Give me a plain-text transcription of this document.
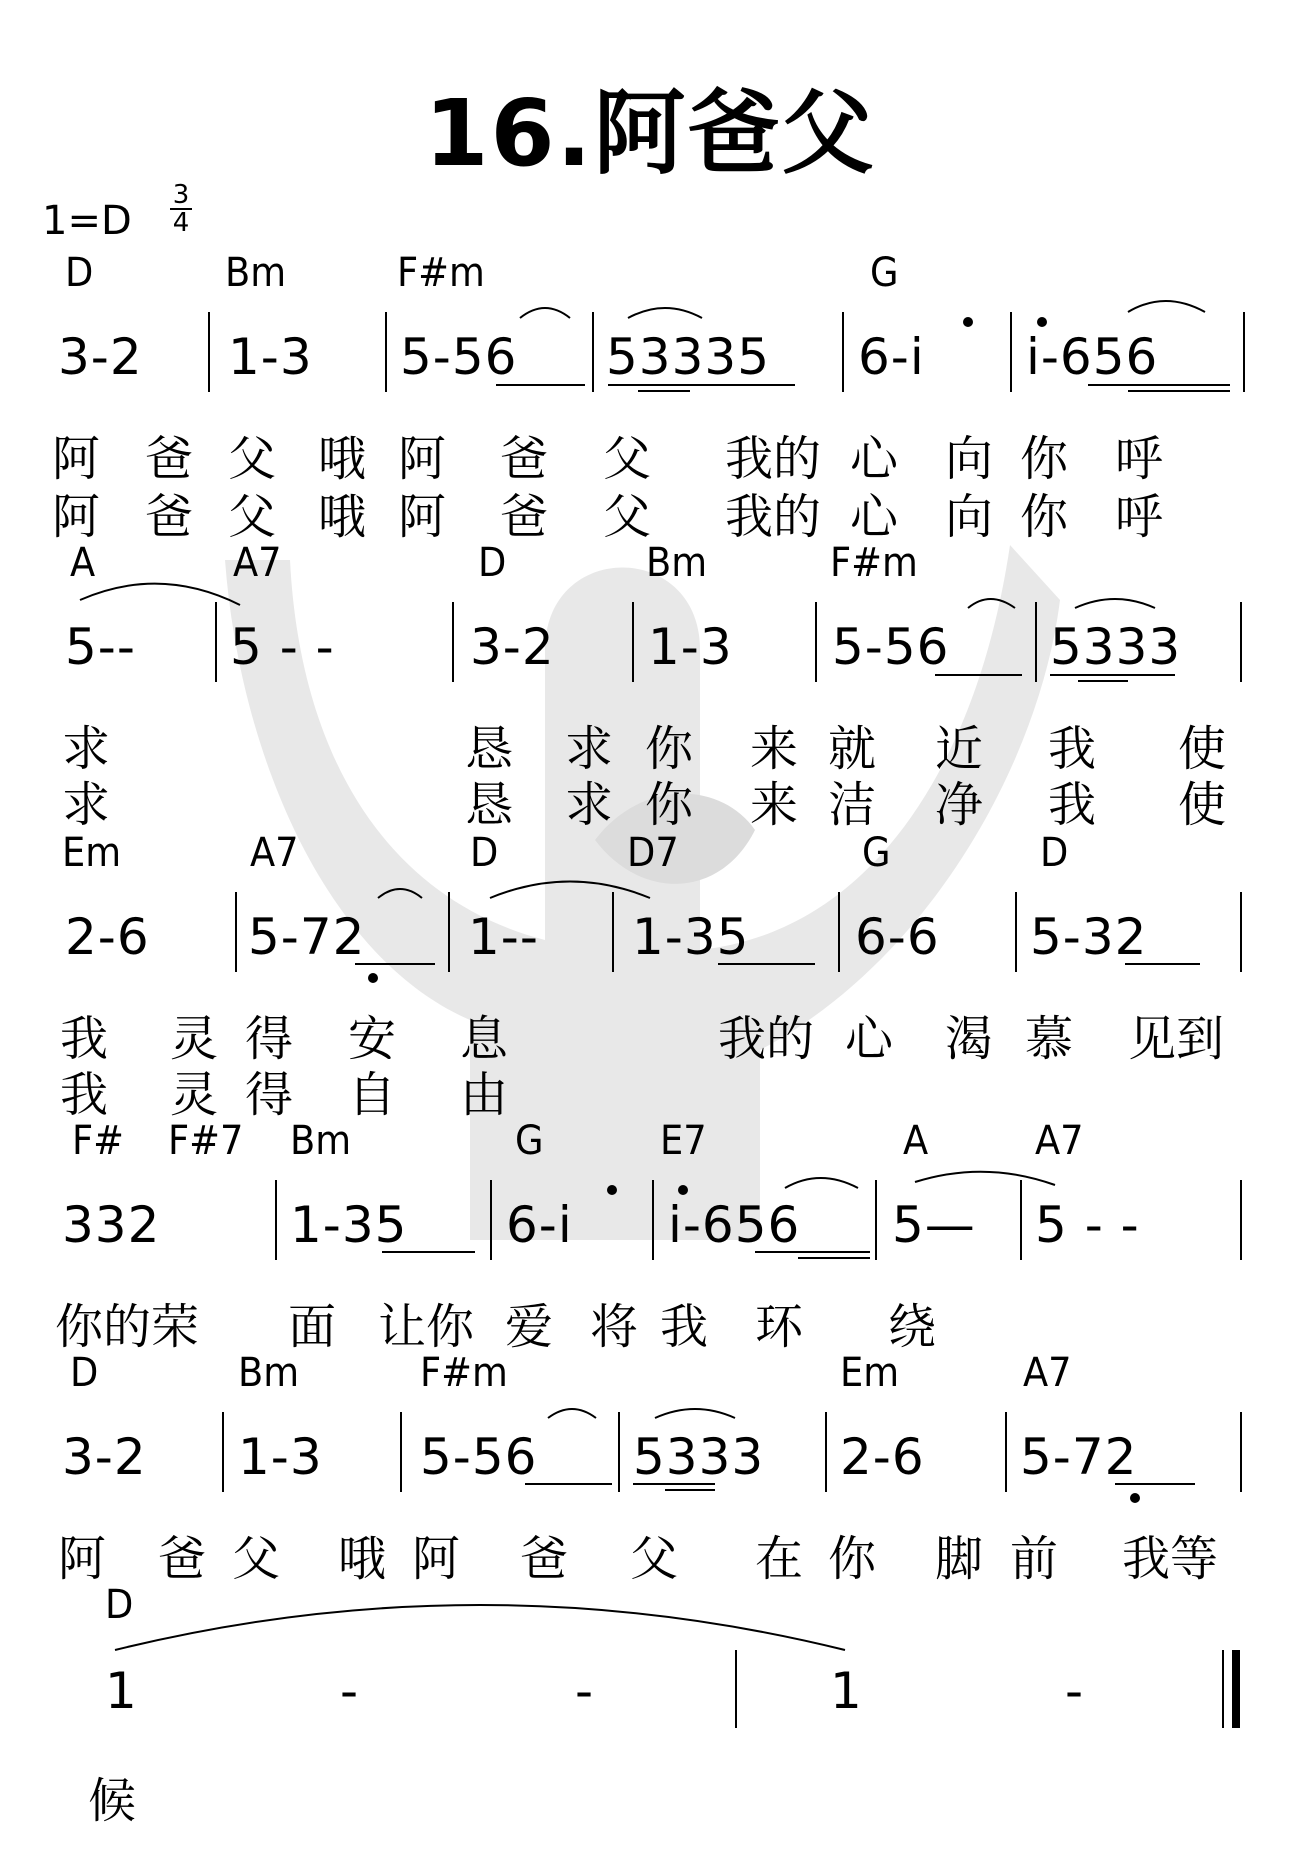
16.阿爸父
1=D
3
4
D	Bm	F#m	G
3-2 1-3 5-56 53335 6-i i-656
阿 爸 父 哦 阿 爸 父 我的 心 向 你 呼
阿 爸 父 哦 阿 爸 父 我的 心 向 你 呼
A	A7	D	Bm	F#m
5-- 5 - -	3-2 1-3 5-56 5333
求	恳 求 你 来 就 近 我 使
求	恳 求 你 来 洁 净 我 使
Em	A7	D	D7	G	D
2-6 5-72 1-- 1-35 6-6 5-32
我 灵 得 安 息	我的 心 渴 慕 见到
我 灵 得 自 由
F# F#7 Bm	G	E7	A	A7
332	1-35 6-i i-656 5— 5 - -
你的荣 面 让你 爱 将 我 环 绕
D	Bm	F#m	Em	A7
3-2 1-3 5-56 5333 2-6 5-72
阿 爸 父 哦 阿 爸 父 在 你 脚 前 我等
D
1	-	-	1	-
候
